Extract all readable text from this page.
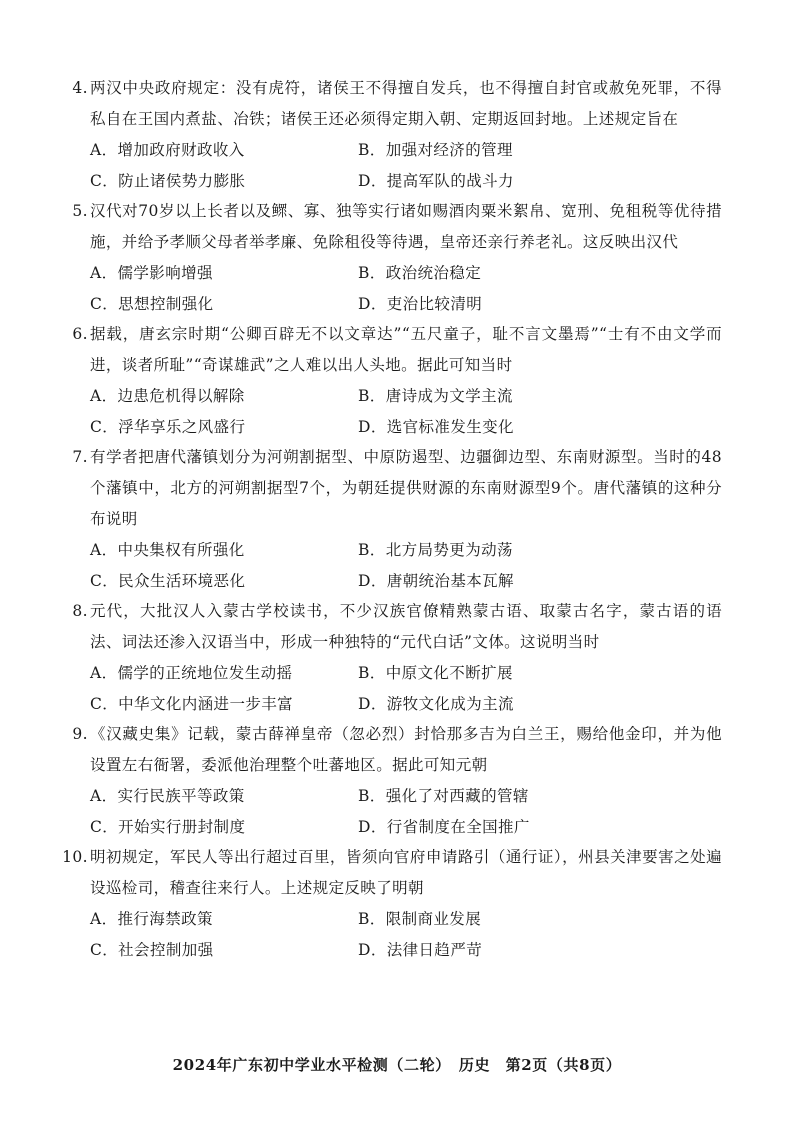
4. 两汉中央政府规定：没有虎符，诸侯王不得擅自发兵，也不得擅自封官或赦免死罪，不得私自在王国内煮盐、冶铁；诸侯王还必须得定期入朝、定期返回封地。上述规定旨在
A．增加政府财政收入	B．加强对经济的管理
C．防止诸侯势力膨胀	D．提高军队的战斗力
5. 汉代对70岁以上长者以及鳏、寡、独等实行诸如赐酒肉粟米絮帛、宽刑、免租税等优待措施，并给予孝顺父母者举孝廉、免除租役等待遇，皇帝还亲行养老礼。这反映出汉代
A．儒学影响增强	B．政治统治稳定
C．思想控制强化	D．吏治比较清明
6. 据载，唐玄宗时期“公卿百辟无不以文章达”“五尺童子，耻不言文墨焉”“士有不由文学而进，谈者所耻”“奇谋雄武”之人难以出人头地。据此可知当时
A．边患危机得以解除	B．唐诗成为文学主流
C．浮华享乐之风盛行	D．选官标准发生变化
7. 有学者把唐代藩镇划分为河朔割据型、中原防遏型、边疆御边型、东南财源型。当时的48个藩镇中，北方的河朔割据型7个，为朝廷提供财源的东南财源型9个。唐代藩镇的这种分布说明
A．中央集权有所强化	B．北方局势更为动荡
C．民众生活环境恶化	D．唐朝统治基本瓦解
8. 元代，大批汉人入蒙古学校读书，不少汉族官僚精熟蒙古语、取蒙古名字，蒙古语的语法、词法还渗入汉语当中，形成一种独特的“元代白话”文体。这说明当时
A．儒学的正统地位发生动摇	B．中原文化不断扩展
C．中华文化内涵进一步丰富	D．游牧文化成为主流
9. 《汉藏史集》记载，蒙古薛禅皇帝（忽必烈）封恰那多吉为白兰王，赐给他金印，并为他设置左右衙署，委派他治理整个吐蕃地区。据此可知元朝
A．实行民族平等政策	B．强化了对西藏的管辖
C．开始实行册封制度	D．行省制度在全国推广
10. 明初规定，军民人等出行超过百里，皆须向官府申请路引（通行证），州县关津要害之处遍设巡检司，稽查往来行人。上述规定反映了明朝
A．推行海禁政策	B．限制商业发展
C．社会控制加强	D．法律日趋严苛
2024年广东初中学业水平检测（二轮）　历史　第2页（共8页）
